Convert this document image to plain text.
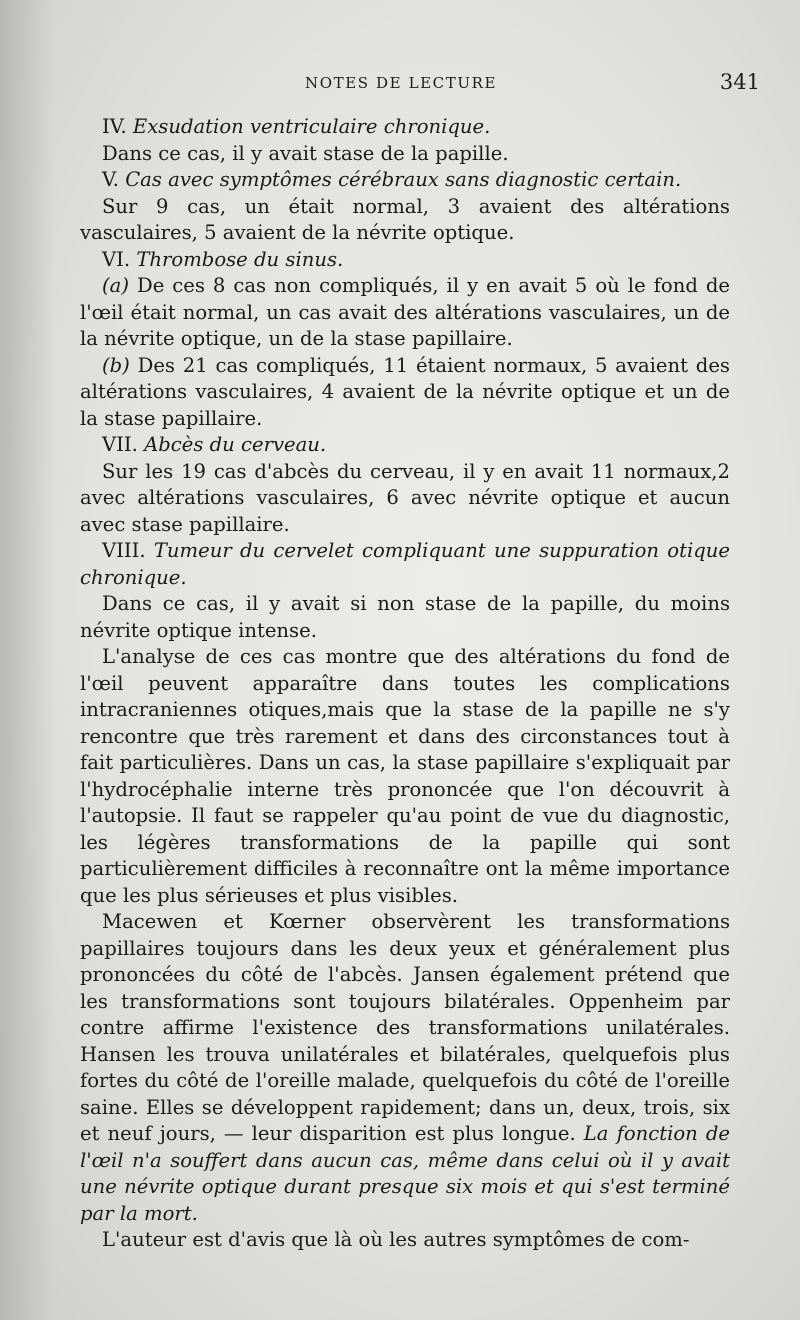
NOTES DE LECTURE	341

IV. Exsudation ventriculaire chronique.

Dans ce cas, il y avait stase de la papille.

V. Cas avec symptômes cérébraux sans diagnostic certain.

Sur 9 cas, un était normal, 3 avaient des altérations vasculaires, 5 avaient de la névrite optique.

VI. Thrombose du sinus.

(a) De ces 8 cas non compliqués, il y en avait 5 où le fond de l'œil était normal, un cas avait des altérations vasculaires, un de la névrite optique, un de la stase papillaire.

(b) Des 21 cas compliqués, 11 étaient normaux, 5 avaient des altérations vasculaires, 4 avaient de la névrite optique et un de la stase papillaire.

VII. Abcès du cerveau.

Sur les 19 cas d'abcès du cerveau, il y en avait 11 normaux,2 avec altérations vasculaires, 6 avec névrite optique et aucun avec stase papillaire.

VIII. Tumeur du cervelet compliquant une suppuration otique chronique.

Dans ce cas, il y avait si non stase de la papille, du moins névrite optique intense.

L'analyse de ces cas montre que des altérations du fond de l'œil peuvent apparaître dans toutes les complications intracraniennes otiques,mais que la stase de la papille ne s'y rencontre que très rarement et dans des circonstances tout à fait particulières. Dans un cas, la stase papillaire s'expliquait par l'hydrocéphalie interne très prononcée que l'on découvrit à l'autopsie. Il faut se rappeler qu'au point de vue du diagnostic, les légères transformations de la papille qui sont particulièrement difficiles à reconnaître ont la même importance que les plus sérieuses et plus visibles.

Macewen et Kœrner observèrent les transformations papillaires toujours dans les deux yeux et généralement plus prononcées du côté de l'abcès. Jansen également prétend que les transformations sont toujours bilatérales. Oppenheim par contre affirme l'existence des transformations unilatérales. Hansen les trouva unilatérales et bilatérales, quelquefois plus fortes du côté de l'oreille malade, quelquefois du côté de l'oreille saine. Elles se développent rapidement; dans un, deux, trois, six et neuf jours, — leur disparition est plus longue. La fonction de l'œil n'a souffert dans aucun cas, même dans celui où il y avait une névrite optique durant presque six mois et qui s'est terminé par la mort.

L'auteur est d'avis que là où les autres symptômes de com-
